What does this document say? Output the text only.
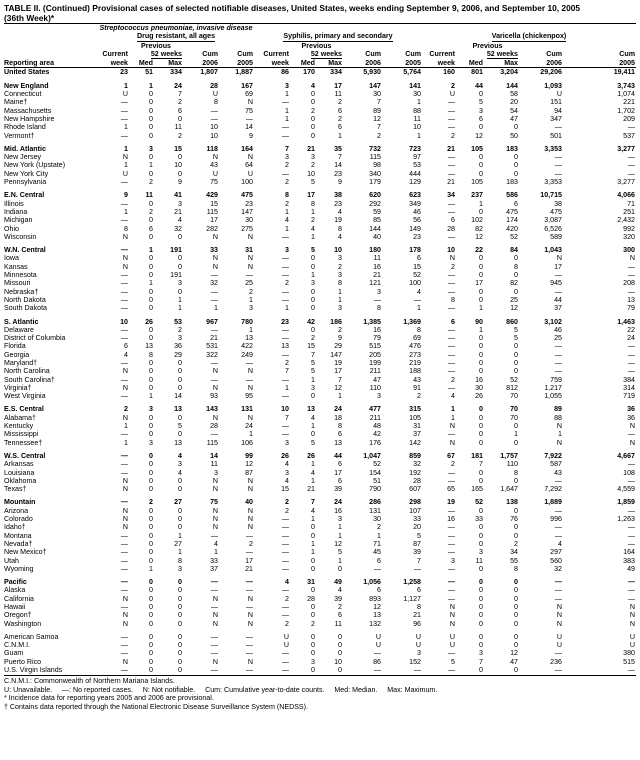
TABLE II. (Continued) Provisional cases of selected notifiable diseases, United States, weeks ending September 9, 2006, and September 10, 2005
(36th Week)*

	Streptococcus pneumoniae, invasive disease														
	Drug resistant, all ages					Syphilis, primary and secondary					Varicella (chickenpox)				
		Previous					Previous					Previous			
	Current	52 weeks		Cum	Cum	Current	52 weeks		Cum	Cum	Current	52 weeks		Cum	Cum
Reporting area	week	Med	Max	2006	2005	week	Med	Max	2006	2005	week	Med	Max	2006	2005

United States	23	51	334	1,807	1,887	86	170	334	5,930	5,764	160	801	3,204	29,206	19,411

New England	1	1	24	28	167	3	4	17	147	141	2	44	144	1,093	3,743
Connecticut	U	0	7	U	69	1	0	11	30	30	U	0	58	U	1,074
Maine†	—	0	2	8	N	—	0	2	7	1	—	5	20	151	221
Massachusetts	—	0	6	—	75	1	2	6	89	88	—	3	54	94	1,702
New Hampshire	—	0	0	—	—	1	0	2	12	11	—	6	47	347	209
Rhode Island	1	0	11	10	14	—	0	6	7	10	—	0	0	—	—
Vermont†	—	0	2	10	9	—	0	1	2	1	2	12	50	501	537

Mid. Atlantic	1	3	15	118	164	7	21	35	732	723	21	105	183	3,353	3,277
New Jersey	N	0	0	N	N	3	3	7	115	97	—	0	0	—	—
New York (Upstate)	1	1	10	43	64	2	2	14	98	53	—	0	0	—	—
New York City	U	0	0	U	U	—	10	23	340	444	—	0	0	—	—
Pennsylvania	—	2	9	75	100	2	5	9	179	129	21	105	183	3,353	3,277

E.N. Central	9	11	41	429	475	8	17	38	620	623	34	237	586	10,715	4,066
Illinois	—	0	3	15	23	2	8	23	292	349	—	1	6	38	71
Indiana	1	2	21	115	147	1	1	4	59	46	—	0	475	475	251
Michigan	—	0	4	17	30	4	2	19	85	56	6	102	174	3,087	2,432
Ohio	8	6	32	282	275	1	4	8	144	149	28	82	420	6,526	992
Wisconsin	N	0	0	N	N	—	1	4	40	23	—	12	52	589	320

W.N. Central	—	1	191	33	31	3	5	10	180	178	10	22	84	1,043	300
Iowa	N	0	0	N	N	—	0	3	11	6	N	0	0	N	N
Kansas	N	0	0	N	N	—	0	2	16	15	2	0	8	17	—
Minnesota	—	0	191	—	—	—	1	3	21	52	—	0	0	—	—
Missouri	—	1	3	32	25	2	3	8	121	100	—	17	82	945	208
Nebraska†	—	0	0	—	2	—	0	1	3	4	—	0	0	—	—
North Dakota	—	0	1	—	1	—	0	1	—	—	8	0	25	44	13
South Dakota	—	0	1	1	3	1	0	3	8	1	—	1	12	37	79

S. Atlantic	10	26	53	967	780	23	42	186	1,385	1,369	6	90	860	3,102	1,463
Delaware	—	0	2	—	1	—	0	2	16	8	—	1	5	46	22
District of Columbia	—	0	3	21	13	—	2	9	79	69	—	0	5	25	24
Florida	6	13	36	531	422	13	15	29	515	476	—	0	0	—	—
Georgia	4	8	29	322	249	—	7	147	205	273	—	0	0	—	—
Maryland†	—	0	0	—	—	2	5	19	199	219	—	0	0	—	—
North Carolina	N	0	0	N	N	7	5	17	211	188	—	0	0	—	—
South Carolina†	—	0	0	—	—	—	1	7	47	43	2	16	52	759	384
Virginia†	N	0	0	N	N	1	3	12	110	91	—	30	812	1,217	314
West Virginia	—	1	14	93	95	—	0	1	3	2	4	26	70	1,055	719

E.S. Central	2	3	13	143	131	10	13	24	477	315	1	0	70	89	36
Alabama†	N	0	0	N	N	7	4	18	211	105	1	0	70	88	36
Kentucky	1	0	5	28	24	—	1	8	48	31	N	0	0	N	N
Mississippi	—	0	0	—	1	—	0	6	42	37	—	0	1	1	—
Tennessee†	1	3	13	115	106	3	5	13	176	142	N	0	0	N	N

W.S. Central	—	0	4	14	99	26	26	44	1,047	859	67	181	1,757	7,922	4,667
Arkansas	—	0	3	11	12	4	1	6	52	32	2	7	110	587	—
Louisiana	—	0	4	3	87	3	4	17	154	192	—	0	8	43	108
Oklahoma	N	0	0	N	N	4	1	6	51	28	—	0	0	—	—
Texas†	N	0	0	N	N	15	21	39	790	607	65	165	1,647	7,292	4,559

Mountain	—	2	27	75	40	2	7	24	286	298	19	52	138	1,889	1,859
Arizona	N	0	0	N	N	2	4	16	131	107	—	0	0	—	—
Colorado	N	0	0	N	N	—	1	3	30	33	16	33	76	996	1,263
Idaho†	N	0	0	N	N	—	0	1	2	20	—	0	0	—	—
Montana	—	0	1	—	—	—	0	1	1	5	—	0	0	—	—
Nevada†	—	0	27	4	2	—	1	12	71	87	—	0	2	4	—
New Mexico†	—	0	1	1	—	—	1	5	45	39	—	3	34	297	164
Utah	—	0	8	33	17	—	0	1	6	7	3	11	55	560	383
Wyoming	—	1	3	37	21	—	0	0	—	—	—	0	8	32	49

Pacific	—	0	0	—	—	4	31	49	1,056	1,258	—	0	0	—	—
Alaska	—	0	0	—	—	—	0	4	6	6	—	0	0	—	—
California	N	0	0	N	N	2	28	39	893	1,127	—	0	0	—	—
Hawaii	—	0	0	—	—	—	0	2	12	8	N	0	0	N	N
Oregon†	N	0	0	N	N	—	0	6	13	21	N	0	0	N	N
Washington	N	0	0	N	N	2	2	11	132	96	N	0	0	N	N

American Samoa	—	0	0	—	—	U	0	0	U	U	U	0	0	U	U
C.N.M.I.	—	0	0	—	—	U	0	0	U	U	U	0	0	U	U
Guam	—	0	0	—	—	—	0	0	—	3	—	3	12	—	380
Puerto Rico	N	0	0	N	N	—	3	10	86	152	5	7	47	236	515
U.S. Virgin Islands	—	0	0	—	—	—	0	0	—	—	—	0	0	—	—
C.N.M.I.: Commonwealth of Northern Mariana Islands.
U: Unavailable.     —: No reported cases.     N: Not notifiable.     Cum: Cumulative year-to-date counts.     Med: Median.     Max: Maximum.
* Incidence data for reporting years 2005 and 2006 are provisional.
† Contains data reported through the National Electronic Disease Surveillance System (NEDSS).
